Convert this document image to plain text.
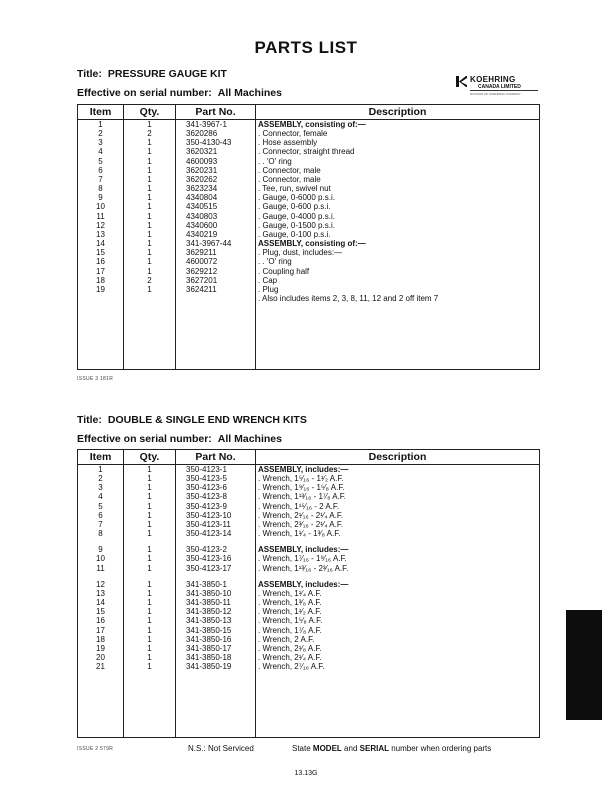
PARTS LIST
KOEHRING
CANADA LIMITED
DIVISION OF KOEHRING COMPANY
Title: PRESSURE GAUGE KIT
Effective on serial number: All Machines
Item	Qty.	Part No.	Description
1	1	341-3967-1	ASSEMBLY, consisting of:—
2	2	3620286	. Connector, female
3	1	350-4130-43	. Hose assembly
4	1	3620321	. Connector, straight thread
5	1	4600093	. . 'O' ring
6	1	3620231	. Connector, male
7	1	3620262	. Connector, male
8	1	3623234	. Tee, run, swivel nut
9	1	4340804	. Gauge, 0-6000 p.s.i.
10	1	4340515	. Gauge, 0-600 p.s.i.
11	1	4340803	. Gauge, 0-4000 p.s.i.
12	1	4340600	. Gauge, 0-1500 p.s.i.
13	1	4340219	. Gauge, 0-100 p.s.i.
14	1	341-3967-44	ASSEMBLY, consisting of:—
15	1	3629211	. Plug, dust, includes:—
16	1	4600072	. . 'O' ring
17	1	3629212	. Coupling half
18	2	3627201	. Cap
19	1	3624211	. Plug
			. Also includes items 2, 3, 8, 11, 12 and 2 off item 7

ISSUE 3 181R
Title: DOUBLE & SINGLE END WRENCH KITS
Effective on serial number: All Machines
Item	Qty.	Part No.	Description
1	1	350-4123-1	ASSEMBLY, includes:—
2	1	350-4123-5	. Wrench, 1⁵⁄₁₆ - 1¹⁄₂ A.F.
3	1	350-4123-6	. Wrench, 1⁹⁄₁₆ - 1⁵⁄₈ A.F.
4	1	350-4123-8	. Wrench, 1¹³⁄₁₆ - 1⁷⁄₈ A.F.
5	1	350-4123-9	. Wrench, 1¹⁵⁄₁₆ - 2 A.F.
6	1	350-4123-10	. Wrench, 2¹⁄₁₆ - 2¹⁄₄ A.F.
7	1	350-4123-11	. Wrench, 2³⁄₁₆ - 2¹⁄₄ A.F.
8	1	350-4123-14	. Wrench, 1¹⁄₄ - 1³⁄₈ A.F.

9	1	350-4123-2	ASSEMBLY, includes:—
10	1	350-4123-16	. Wrench, 1⁷⁄₁₆ - 1⁹⁄₁₆ A.F.
11	1	350-4123-17	. Wrench, 1¹³⁄₁₆ - 2³⁄₁₆ A.F.

12	1	341-3850-1	ASSEMBLY, includes:—
13	1	341-3850-10	. Wrench, 1¹⁄₄ A.F.
14	1	341-3850-11	. Wrench, 1³⁄₈ A.F.
15	1	341-3850-12	. Wrench, 1¹⁄₂ A.F.
16	1	341-3850-13	. Wrench, 1⁵⁄₈ A.F.
17	1	341-3850-15	. Wrench, 1⁷⁄₈ A.F.
18	1	341-3850-16	. Wrench, 2 A.F.
19	1	341-3850-17	. Wrench, 2¹⁄₈ A.F.
20	1	341-3850-18	. Wrench, 2¹⁄₄ A.F.
21	1	341-3850-19	. Wrench, 2⁷⁄₁₆ A.F.

ISSUE 2 579R	N.S.: Not Serviced	State MODEL and SERIAL number when ordering parts
13.13G
